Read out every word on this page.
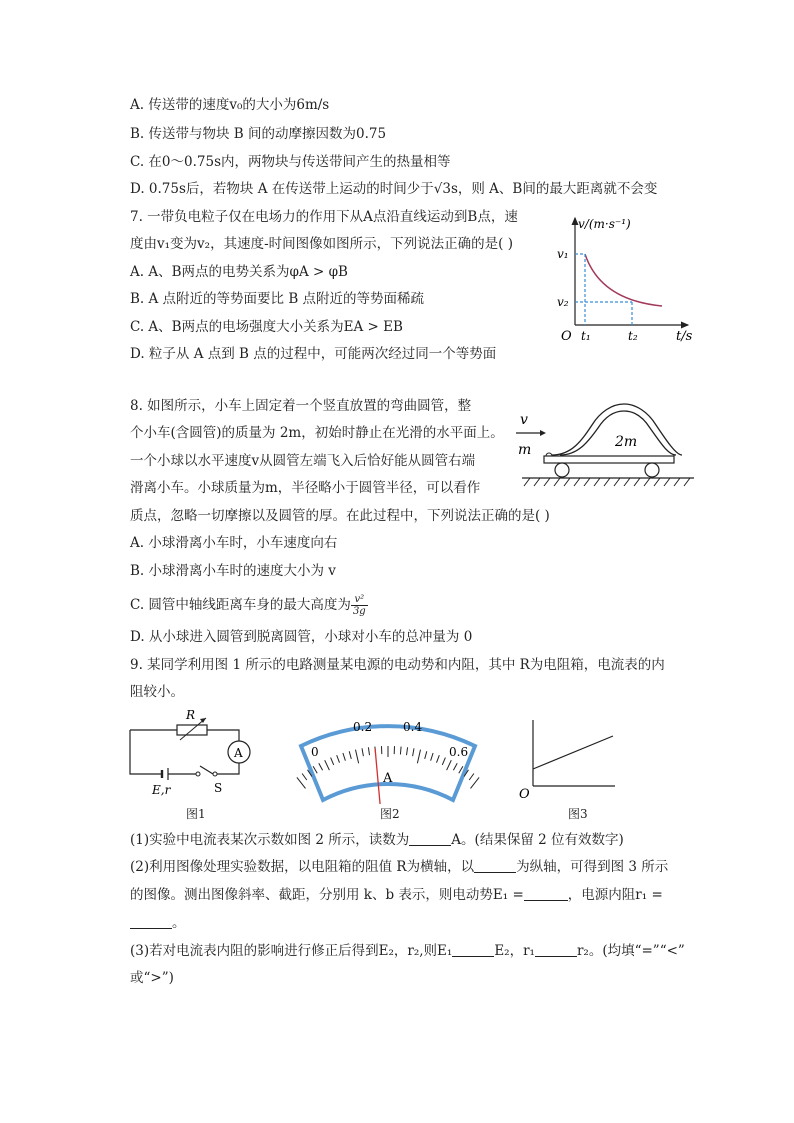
A. 传送带的速度v₀的大小为6m/s
B. 传送带与物块 B 间的动摩擦因数为0.75
C. 在0～0.75s内，两物块与传送带间产生的热量相等
D. 0.75s后，若物块 A 在传送带上运动的时间少于√3s，则 A、B间的最大距离就不会变
7. 一带负电粒子仅在电场力的作用下从A点沿直线运动到B点，速
度由v₁变为v₂，其速度-时间图像如图所示，下列说法正确的是( )
A. A、B两点的电势关系为φA > φB
B. A 点附近的等势面要比 B 点附近的等势面稀疏
C. A、B两点的电场强度大小关系为EA > EB
D. 粒子从 A 点到 B 点的过程中，可能两次经过同一个等势面
v/(m·s⁻¹)
v₁
v₂
O t₁	t₂	t/s
8. 如图所示，小车上固定着一个竖直放置的弯曲圆管，整
个小车(含圆管)的质量为 2m，初始时静止在光滑的水平面上。
一个小球以水平速度v从圆管左端飞入后恰好能从圆管右端
滑离小车。小球质量为m，半径略小于圆管半径，可以看作
质点，忽略一切摩擦以及圆管的厚。在此过程中，下列说法正确的是( )
v
m	2m
A. 小球滑离小车时，小车速度向右
B. 小球滑离小车时的速度大小为 v
C. 圆管中轴线距离车身的最大高度为 $\frac{\text{v²}}{3g}$
D. 从小球进入圆管到脱离圆管，小球对小车的总冲量为 0
9. 某同学利用图 1 所示的电路测量某电源的电动势和内阻，其中 R为电阻箱，电流表的内
阻较小。
R
A
S
E,r
图1
0
0.2	0.4
0.6
A
图2
O
图3
(1)实验中电流表某次示数如图 2 所示，读数为	A。(结果保留 2 位有效数字)
(2)利用图像处理实验数据，以电阻箱的阻值 R为横轴，以	为纵轴，可得到图 3 所示
的图像。测出图像斜率、截距，分别用 k、b 表示，则电动势E₁ =	，电源内阻r₁ =
。
(3)若对电流表内阻的影响进行修正后得到E₂，r₂,则E₁	E₂，r₁	r₂。(均填“=”“<”
或“>”)
